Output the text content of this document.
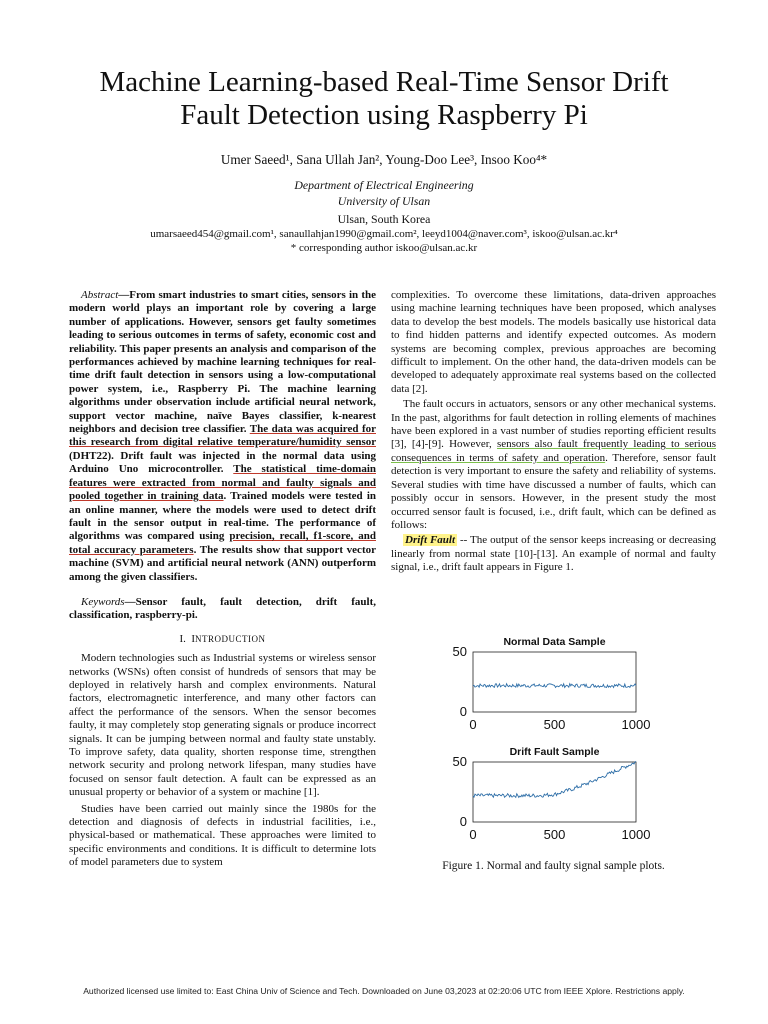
Machine Learning-based Real-Time Sensor Drift
Fault Detection using Raspberry Pi
Umer Saeed¹, Sana Ullah Jan², Young-Doo Lee³, Insoo Koo⁴*
Department of Electrical Engineering
University of Ulsan
Ulsan, South Korea
umarsaeed454@gmail.com¹, sanaullahjan1990@gmail.com², leeyd1004@naver.com³, iskoo@ulsan.ac.kr⁴
* corresponding author iskoo@ulsan.ac.kr

Abstract—From smart industries to smart cities, sensors in the modern world plays an important role by covering a large number of applications. However, sensors get faulty sometimes leading to serious outcomes in terms of safety, economic cost and reliability. This paper presents an analysis and comparison of the performances achieved by machine learning techniques for real-time drift fault detection in sensors using a low-computational power system, i.e., Raspberry Pi. The machine learning algorithms under observation include artificial neural network, support vector machine, naïve Bayes classifier, k-nearest neighbors and decision tree classifier. The data was acquired for this research from digital relative temperature/humidity sensor (DHT22). Drift fault was injected in the normal data using Arduino Uno microcontroller. The statistical time-domain features were extracted from normal and faulty signals and pooled together in training data. Trained models were tested in an online manner, where the models were used to detect drift fault in the sensor output in real-time. The performance of algorithms was compared using precision, recall, f1-score, and total accuracy parameters. The results show that support vector machine (SVM) and artificial neural network (ANN) outperform among the given classifiers.

Keywords—Sensor fault, fault detection, drift fault, classification, raspberry-pi.

I. INTRODUCTION

Modern technologies such as Industrial systems or wireless sensor networks (WSNs) often consist of hundreds of sensors that may be deployed in relatively harsh and complex environments. Natural factors, electromagnetic interference, and many other factors can affect the performance of the sensors. When the sensor becomes faulty, it may completely stop generating signals or produce incorrect signals. It can be jumping between normal and faulty state unstably. To improve safety, data quality, shorten response time, strengthen network security and prolong network lifespan, many studies have focused on sensor fault detection. A fault can be expressed as an unusual property or behavior of a system or machine [1].

Studies have been carried out mainly since the 1980s for the detection and diagnosis of defects in industrial facilities, i.e., physical-based or mathematical. These approaches were limited to specific environments and conditions. It is difficult to determine lots of model parameters due to system

complexities. To overcome these limitations, data-driven approaches using machine learning techniques have been proposed, which analyses data to develop the best models. The models basically use historical data to find hidden patterns and identify expected outcomes. As modern systems are becoming complex, previous approaches are becoming difficult to implement. On the other hand, the data-driven models can be developed to adequately approximate real systems based on the collected data [2].

The fault occurs in actuators, sensors or any other mechanical systems. In the past, algorithms for fault detection in rolling elements of machines have been explored in a vast number of studies reporting efficient results [3], [4]-[9]. However, sensors also fault frequently leading to serious consequences in terms of safety and operation. Therefore, sensor fault detection is very important to ensure the safety and reliability of systems. Several studies with time have discussed a number of faults, which can possibly occur in sensors. However, in the present study the most occurred sensor fault is focused, i.e., drift fault, which can be defined as follows:

Drift Fault -- The output of the sensor keeps increasing or decreasing linearly from normal state [10]-[13]. An example of normal and faulty signal, i.e., drift fault appears in Figure 1.

Normal Data Sample
0
50
0	500	1000
Drift Fault Sample
0
50
0	500	1000
Figure 1. Normal and faulty signal sample plots.
Authorized licensed use limited to: East China Univ of Science and Tech. Downloaded on June 03,2023 at 02:20:06 UTC from IEEE Xplore. Restrictions apply.
